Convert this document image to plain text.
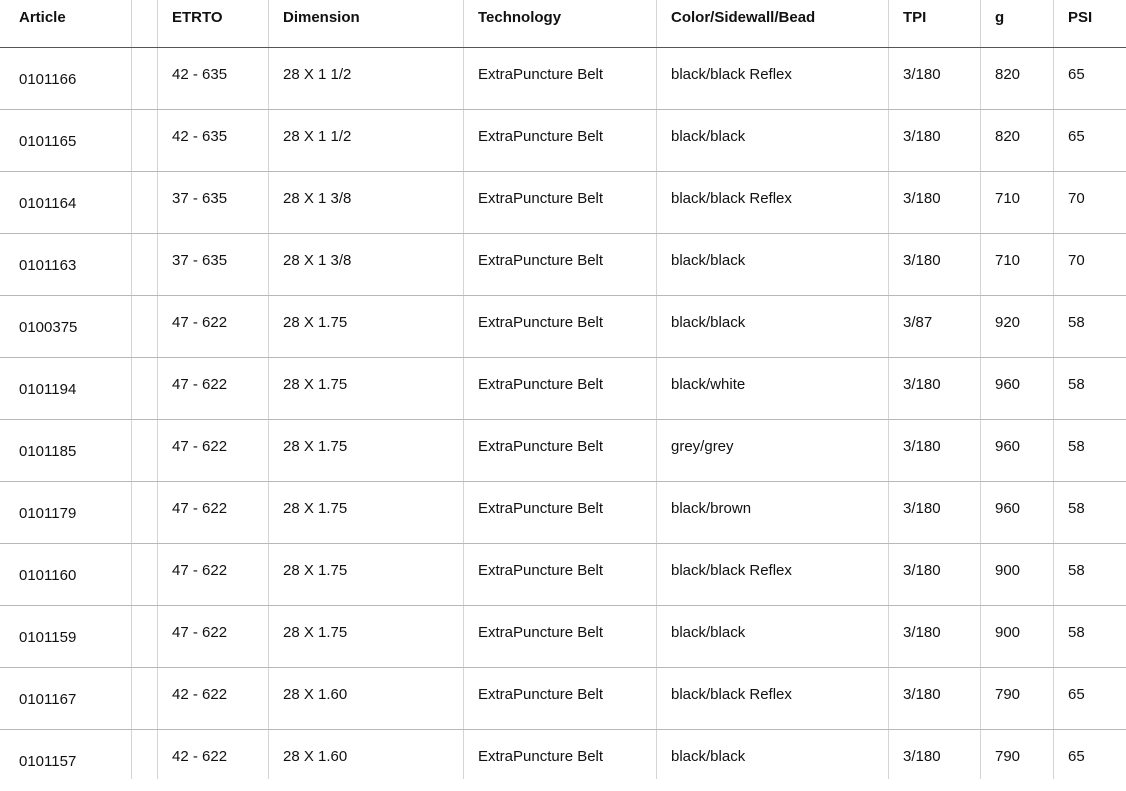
Article	ETRTO	Dimension	Technology	Color/Sidewall/Bead	TPI	g	PSI
0101166	42 - 635	28 X 1 1/2	ExtraPuncture Belt	black/black Reflex	3/180	820	65
0101165	42 - 635	28 X 1 1/2	ExtraPuncture Belt	black/black	3/180	820	65
0101164	37 - 635	28 X 1 3/8	ExtraPuncture Belt	black/black Reflex	3/180	710	70
0101163	37 - 635	28 X 1 3/8	ExtraPuncture Belt	black/black	3/180	710	70
0100375	47 - 622	28 X 1.75	ExtraPuncture Belt	black/black	3/87	920	58
0101194	47 - 622	28 X 1.75	ExtraPuncture Belt	black/white	3/180	960	58
0101185	47 - 622	28 X 1.75	ExtraPuncture Belt	grey/grey	3/180	960	58
0101179	47 - 622	28 X 1.75	ExtraPuncture Belt	black/brown	3/180	960	58
0101160	47 - 622	28 X 1.75	ExtraPuncture Belt	black/black Reflex	3/180	900	58
0101159	47 - 622	28 X 1.75	ExtraPuncture Belt	black/black	3/180	900	58
0101167	42 - 622	28 X 1.60	ExtraPuncture Belt	black/black Reflex	3/180	790	65
0101157	42 - 622	28 X 1.60	ExtraPuncture Belt	black/black	3/180	790	65
